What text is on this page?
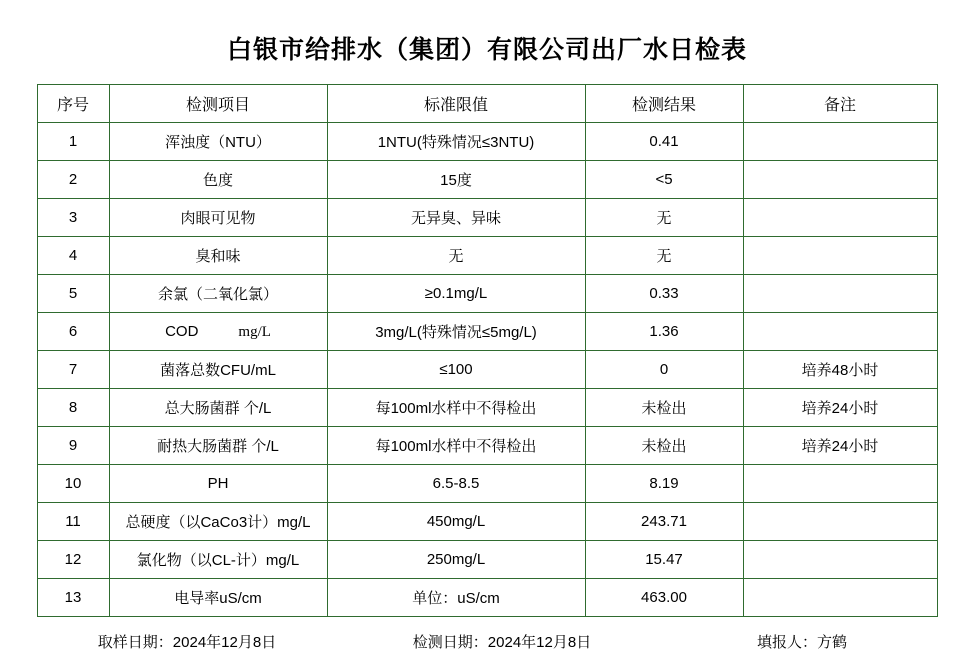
白银市给排水（集团）有限公司出厂水日检表
序号	检测项目	标准限值	检测结果	备注
1	浑浊度（NTU）	1NTU(特殊情况≤3NTU)	0.41	
2	色度	15度	<5	
3	肉眼可见物	无异臭、异味	无	
4	臭和味	无	无	
5	余氯（二氧化氯）	≥0.1mg/L	0.33	
6	COD mg/L	3mg/L(特殊情况≤5mg/L)	1.36	
7	菌落总数CFU/mL	≤100	0	培养48小时
8	总大肠菌群 个/L	每100ml水样中不得检出	未检出	培养24小时
9	耐热大肠菌群 个/L	每100ml水样中不得检出	未检出	培养24小时
10	PH	6.5-8.5	8.19	
11	总硬度（以CaCo3计）mg/L	450mg/L	243.71	
12	氯化物（以CL-计）mg/L	250mg/L	15.47	
13	电导率uS/cm	单位：uS/cm	463.00	
取样日期：2024年12月8日	检测日期：2024年12月8日	填报人：方鹤
